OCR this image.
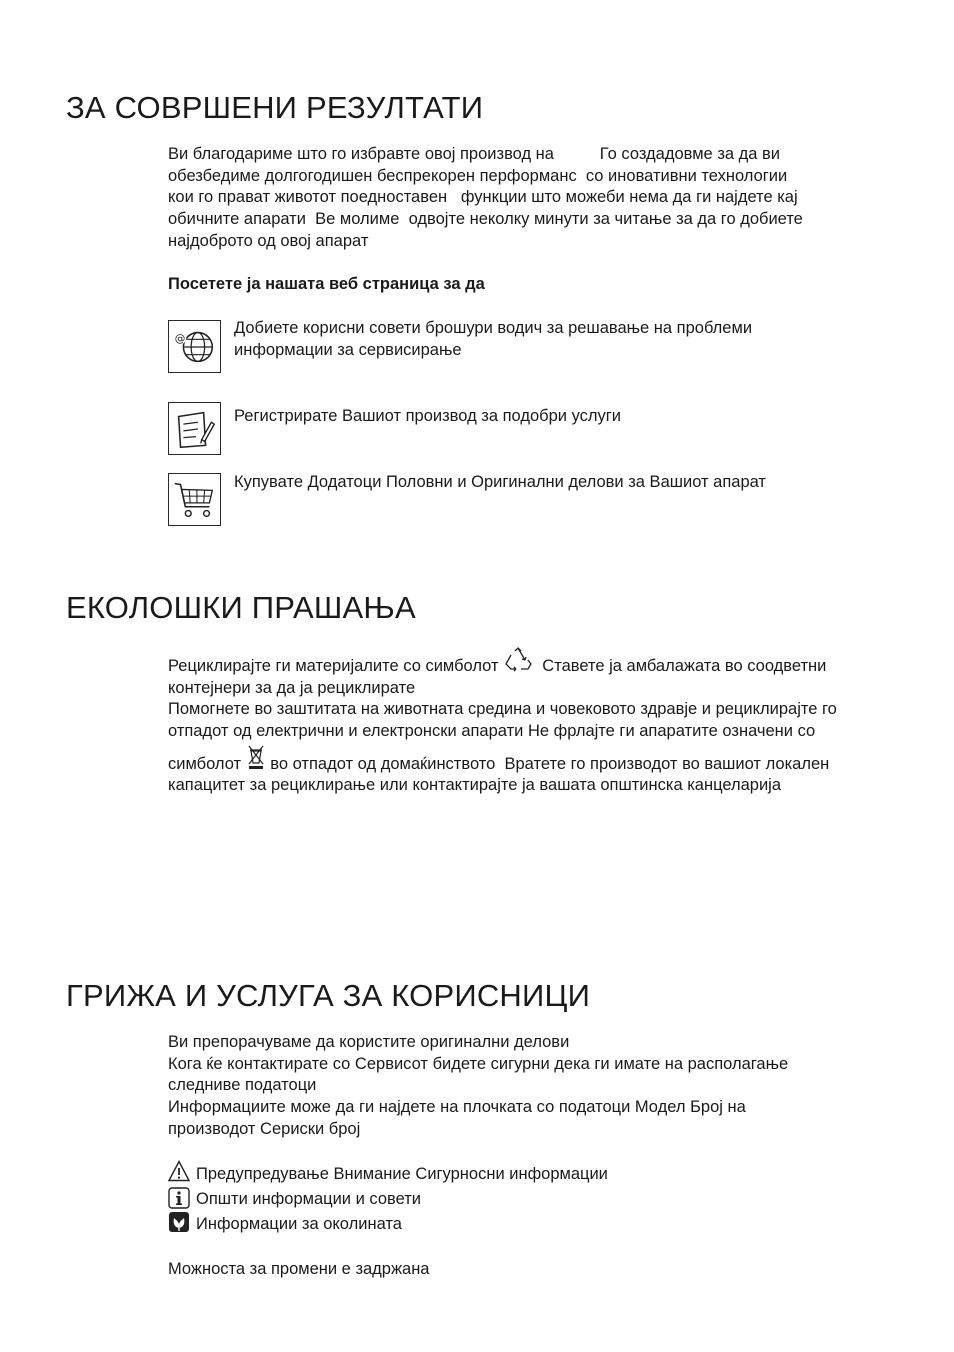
ЗА СОВРШЕНИ РЕЗУЛТАТИ
Ви благодариме што го избравте овој производ на          Го создадовме за да ви
обезбедиме долгогодишен беспрекорен перформанс  со иновативни технологии
кои го прават животот поедноставен   функции што можеби нема да ги најдете кај
обичните апарати  Ве молиме  одвојте неколку минути за читање за да го добиете
најдоброто од овој апарат
Посетете ја нашата веб страница за да
@
Добиете корисни совети брошури водич за решавање на проблеми
информации за сервисирање
Регистрирате Вашиот производ за подобри услуги
Купувате Додатоци Половни и Оригинални делови за Вашиот апарат
ЕКОЛОШКИ ПРАШАЊА
Рециклирајте ги материјалите со симболот   Ставете ја амбалажата во соодветни
контејнери за да ја рециклирате
Помогнете во заштитата на животната средина и човековото здравје и рециклирајте го
отпадот од електрични и електронски апарати Не фрлајте ги апаратите означени со
симболот  во отпадот од домаќинството  Вратете го производот во вашиот локален
капацитет за рециклирање или контактирајте ја вашата општинска канцеларија
ГРИЖА И УСЛУГА ЗА КОРИСНИЦИ
Ви препорачуваме да користите оригинални делови
Кога ќе контактирате со Сервисот бидете сигурни дека ги имате на располагање
следниве податоци
Информациите може да ги најдете на плочката со податоци Модел Број на
производот Сериски број
Предупредување Внимание Сигурносни информации
Општи информации и совети
Информации за околината
Можноста за промени е задржана
